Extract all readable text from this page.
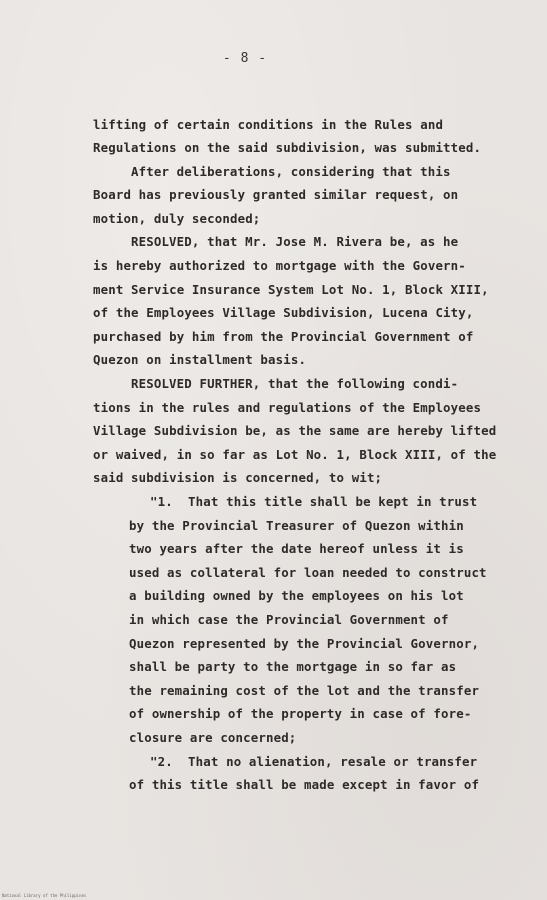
- 8 -
lifting of certain conditions in the Rules and
Regulations on the said subdivision, was submitted.
After deliberations, considering that this
Board has previously granted similar request, on
motion, duly seconded;
RESOLVED, that Mr. Jose M. Rivera be, as he
is hereby authorized to mortgage with the Govern-
ment Service Insurance System Lot No. 1, Block XIII,
of the Employees Village Subdivision, Lucena City,
purchased by him from the Provincial Government of
Quezon on installment basis.
RESOLVED FURTHER, that the following condi-
tions in the rules and regulations of the Employees
Village Subdivision be, as the same are hereby lifted
or waived, in so far as Lot No. 1, Block XIII, of the
said subdivision is concerned, to wit;
"1.  That this title shall be kept in trust
by the Provincial Treasurer of Quezon within
two years after the date hereof unless it is
used as collateral for loan needed to construct
a building owned by the employees on his lot
in which case the Provincial Government of
Quezon represented by the Provincial Governor,
shall be party to the mortgage in so far as
the remaining cost of the lot and the transfer
of ownership of the property in case of fore-
closure are concerned;
"2.  That no alienation, resale or transfer
of this title shall be made except in favor of
National Library of the Philippines
